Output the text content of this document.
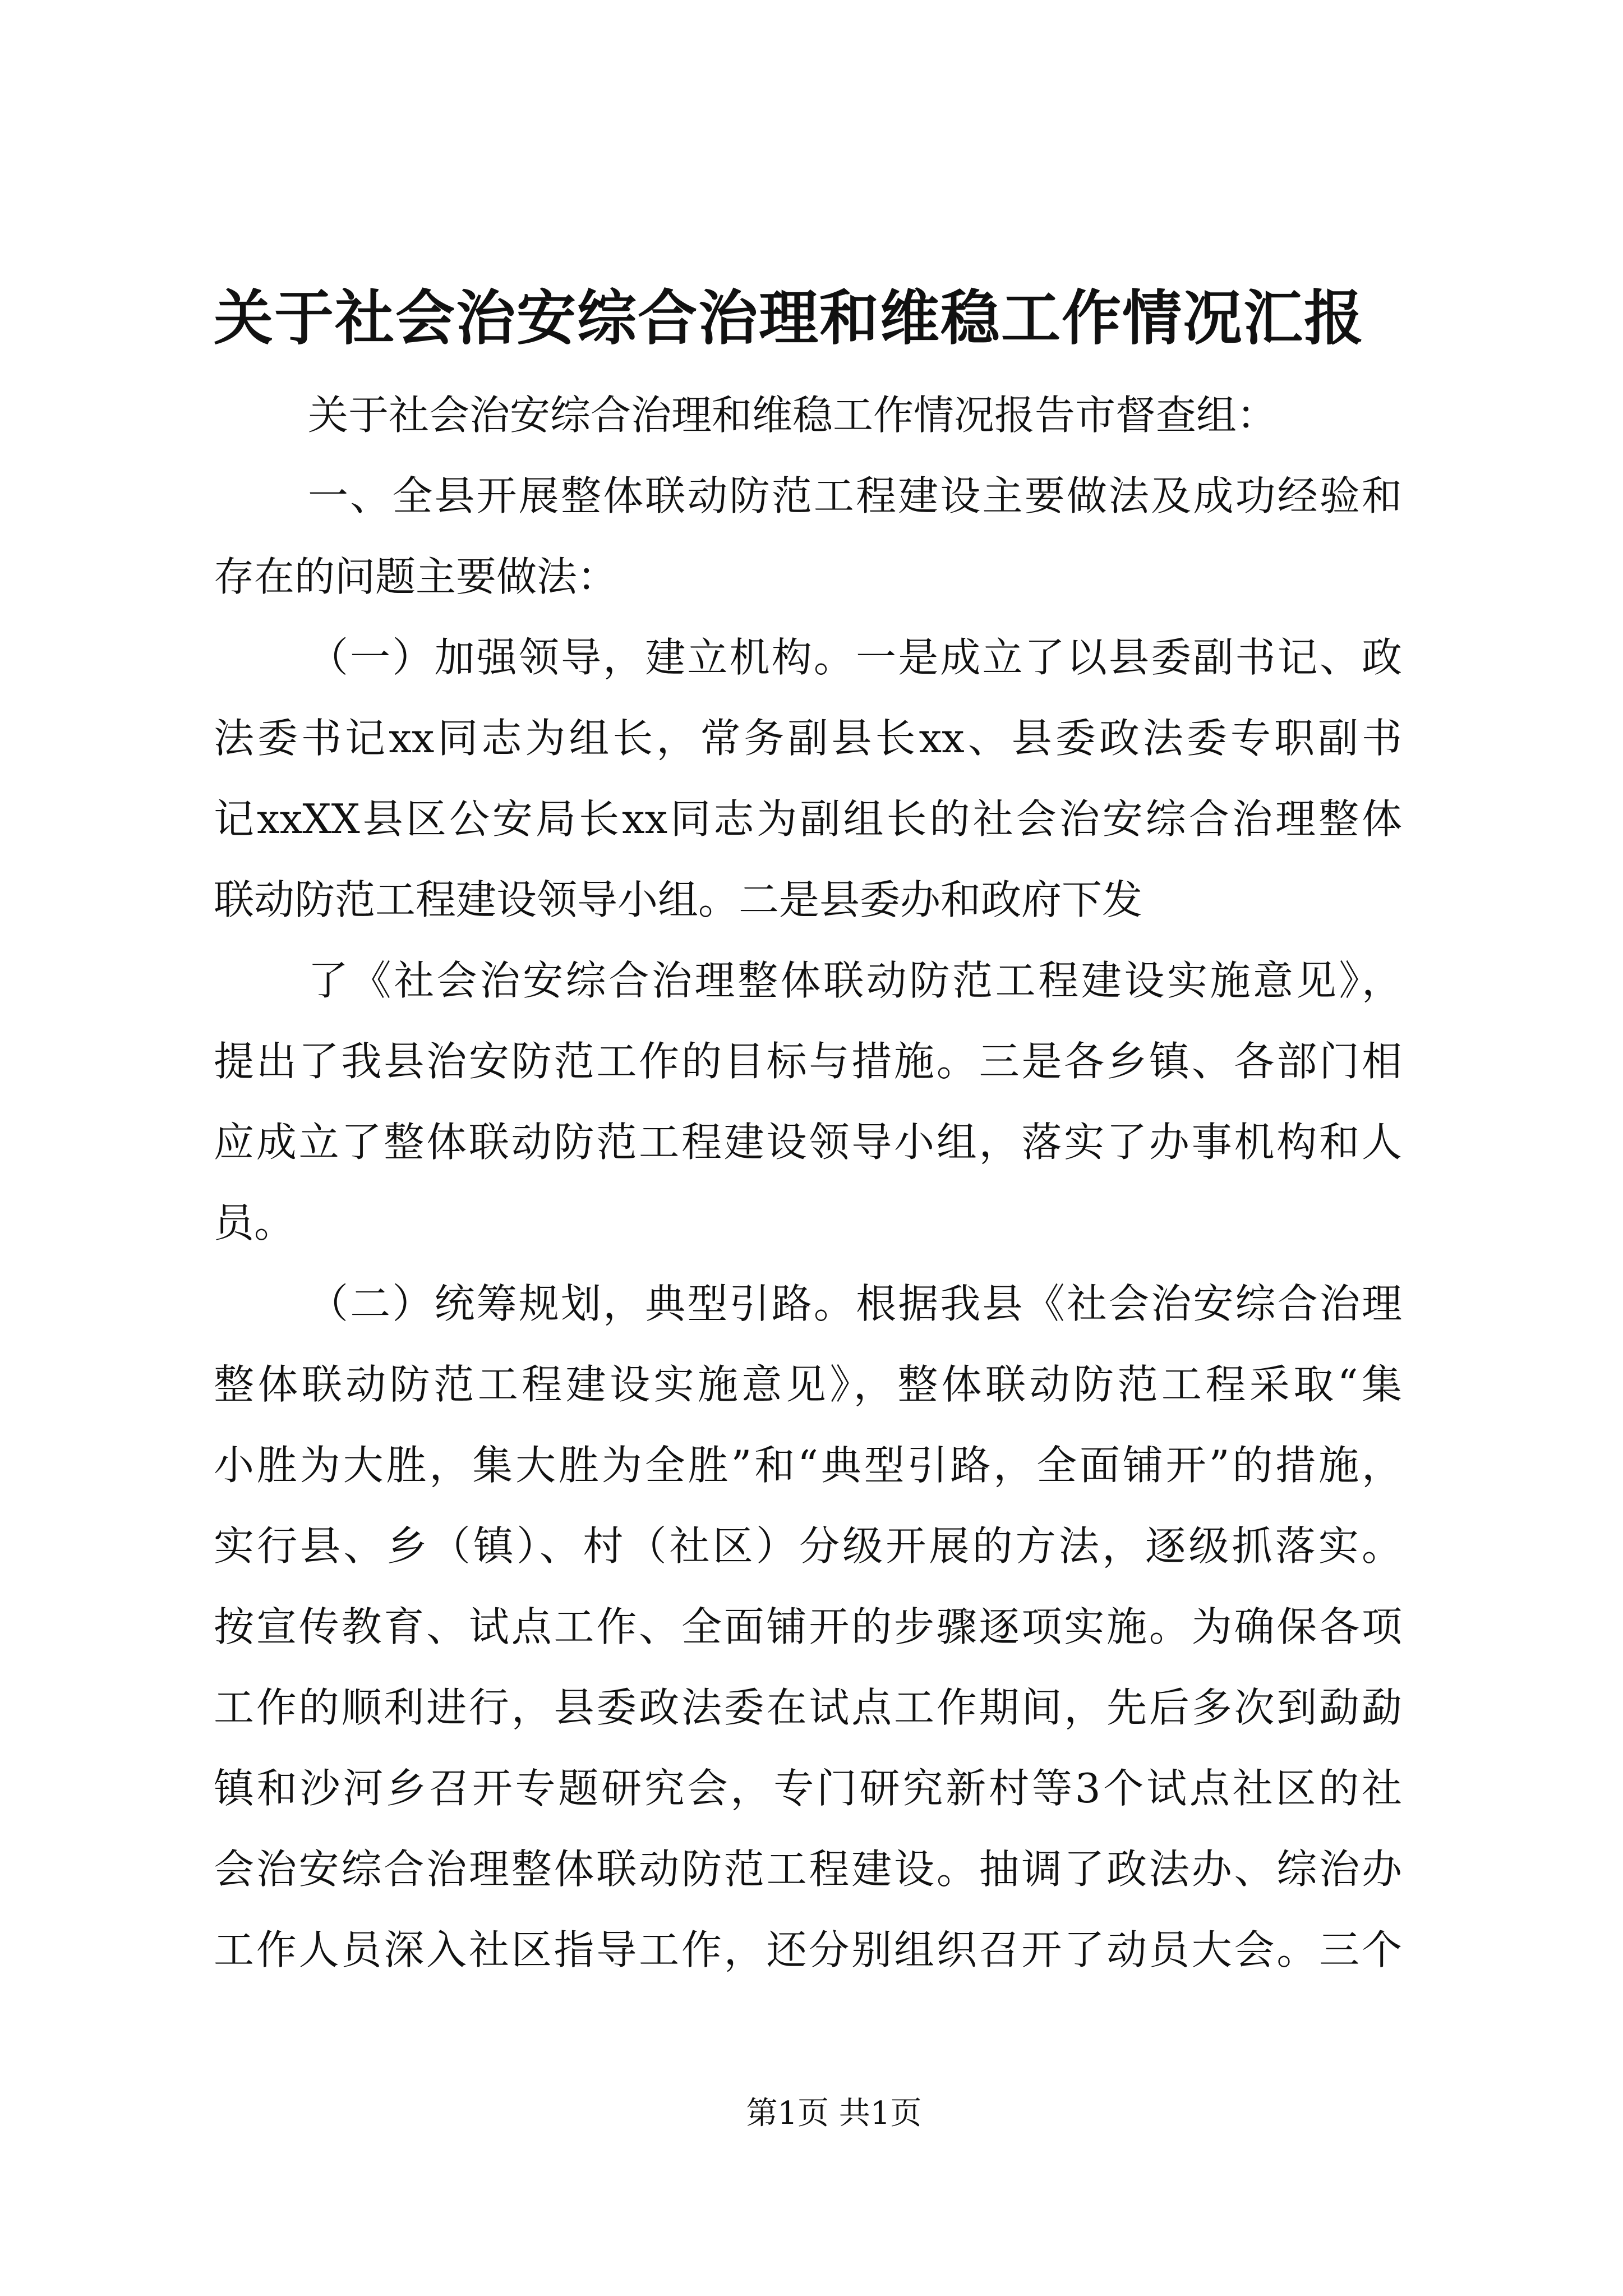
关于社会治安综合治理和维稳工作情况汇报
关于社会治安综合治理和维稳工作情况报告市督查组：
一、全县开展整体联动防范工程建设主要做法及成功经验和
存在的问题主要做法：
（一）加强领导，建立机构。一是成立了以县委副书记、政
法委书记xx同志为组长，常务副县长xx、县委政法委专职副书
记xxXX县区公安局长xx同志为副组长的社会治安综合治理整体
联动防范工程建设领导小组。二是县委办和政府下发
了《社会治安综合治理整体联动防范工程建设实施意见》，
提出了我县治安防范工作的目标与措施。三是各乡镇、各部门相
应成立了整体联动防范工程建设领导小组，落实了办事机构和人
员。
（二）统筹规划，典型引路。根据我县《社会治安综合治理
整体联动防范工程建设实施意见》，整体联动防范工程采取“集
小胜为大胜，集大胜为全胜”和“典型引路，全面铺开”的措施，
实行县、乡（镇）、村（社区）分级开展的方法，逐级抓落实。
按宣传教育、试点工作、全面铺开的步骤逐项实施。为确保各项
工作的顺利进行，县委政法委在试点工作期间，先后多次到勐勐
镇和沙河乡召开专题研究会，专门研究新村等3个试点社区的社
会治安综合治理整体联动防范工程建设。抽调了政法办、综治办
工作人员深入社区指导工作，还分别组织召开了动员大会。三个
第1页 共1页
